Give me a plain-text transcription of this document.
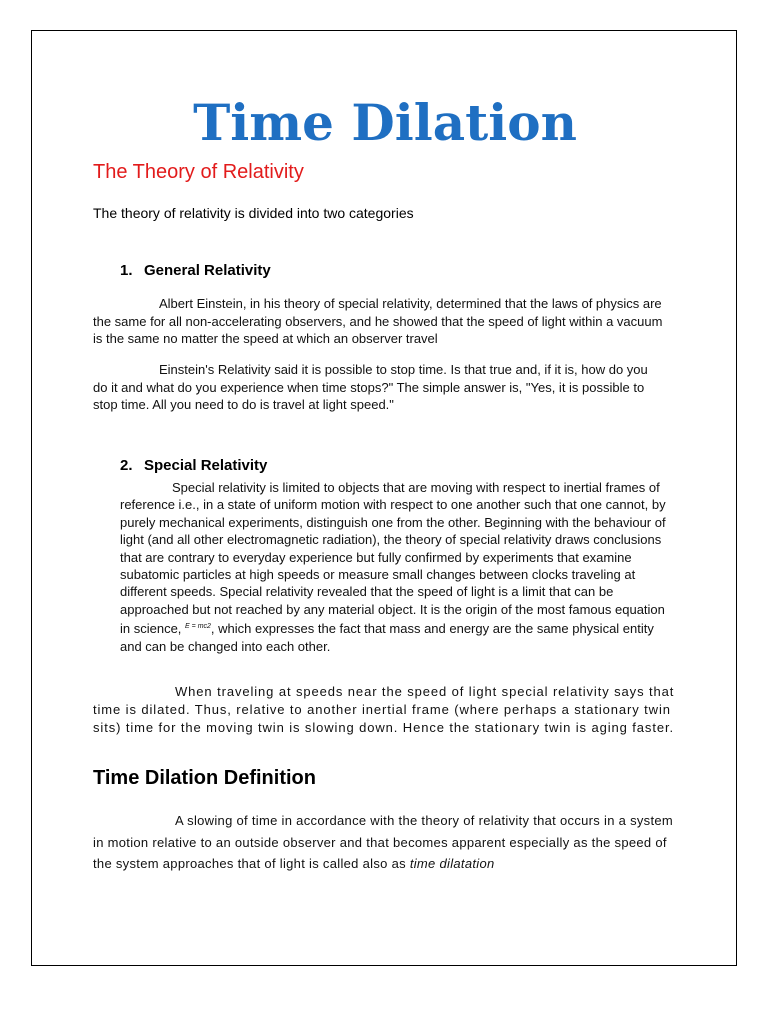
Time Dilation
The Theory of Relativity
The theory of relativity is divided into two categories
1. General Relativity

Albert Einstein, in his theory of special relativity, determined that the laws of physics are the same for all non-accelerating observers, and he showed that the speed of light within a vacuum is the same no matter the speed at which an observer travel

Einstein's Relativity said it is possible to stop time. Is that true and, if it is, how do you do it and what do you experience when time stops?" The simple answer is, "Yes, it is possible to stop time. All you need to do is travel at light speed."

2. Special Relativity

Special relativity is limited to objects that are moving with respect to inertial frames of reference i.e., in a state of uniform motion with respect to one another such that one cannot, by purely mechanical experiments, distinguish one from the other. Beginning with the behaviour of light (and all other electromagnetic radiation), the theory of special relativity draws conclusions that are contrary to everyday experience but fully confirmed by experiments that examine subatomic particles at high speeds or measure small changes between clocks traveling at different speeds. Special relativity revealed that the speed of light is a limit that can be approached but not reached by any material object. It is the origin of the most famous equation in science, $^{E = mc2}$, which expresses the fact that mass and energy are the same physical entity and can be changed into each other.

When traveling at speeds near the speed of light special relativity says that time is dilated. Thus, relative to another inertial frame (where perhaps a stationary twin sits) time for the moving twin is slowing down. Hence the stationary twin is aging faster.

Time Dilation Definition

A slowing of time in accordance with the theory of relativity that occurs in a system in motion relative to an outside observer and that becomes apparent especially as the speed of the system approaches that of light is called also as time dilatation
